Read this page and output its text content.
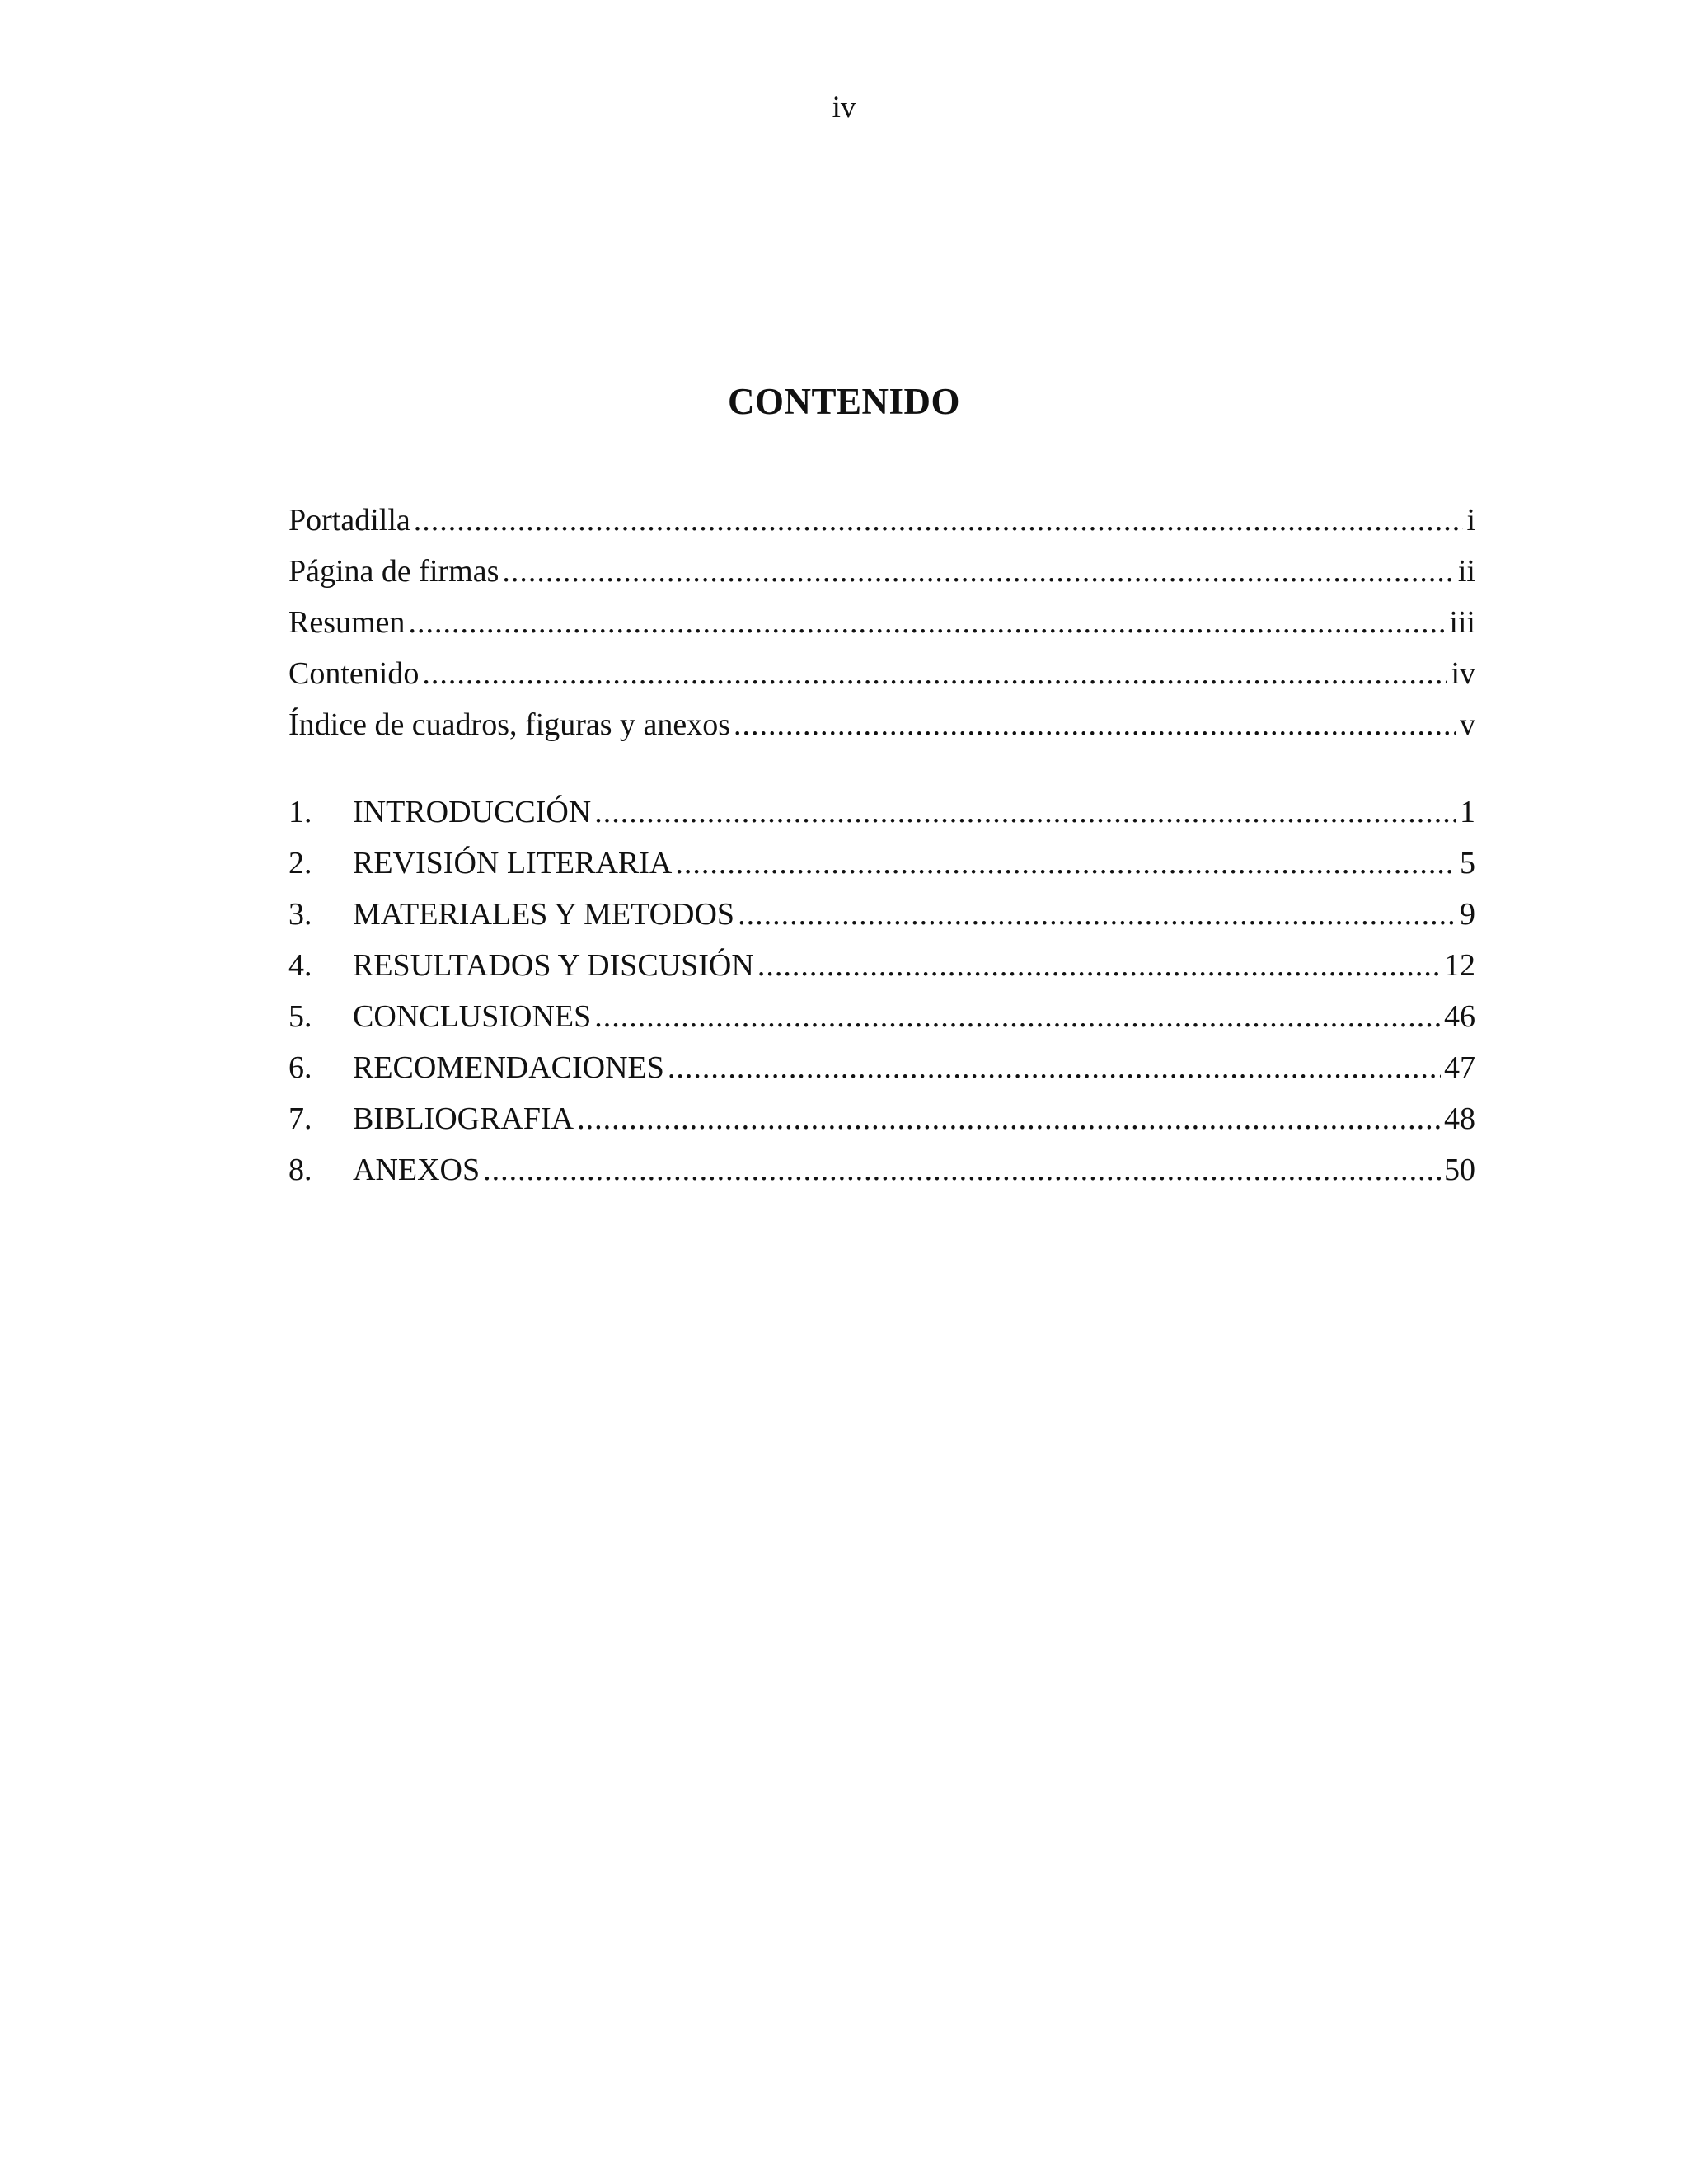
iv
CONTENIDO
Portadilla .....	i
Página de firmas .....	ii
Resumen .....	iii
Contenido .....	iv
Índice de cuadros, figuras y anexos .....	v
1.	INTRODUCCIÓN .....	1
2.	REVISIÓN LITERARIA .....	5
3.	MATERIALES Y METODOS .....	9
4.	RESULTADOS Y DISCUSIÓN .....	12
5.	CONCLUSIONES .....	46
6.	RECOMENDACIONES .....	47
7.	BIBLIOGRAFIA .....	48
8.	ANEXOS .....	50
